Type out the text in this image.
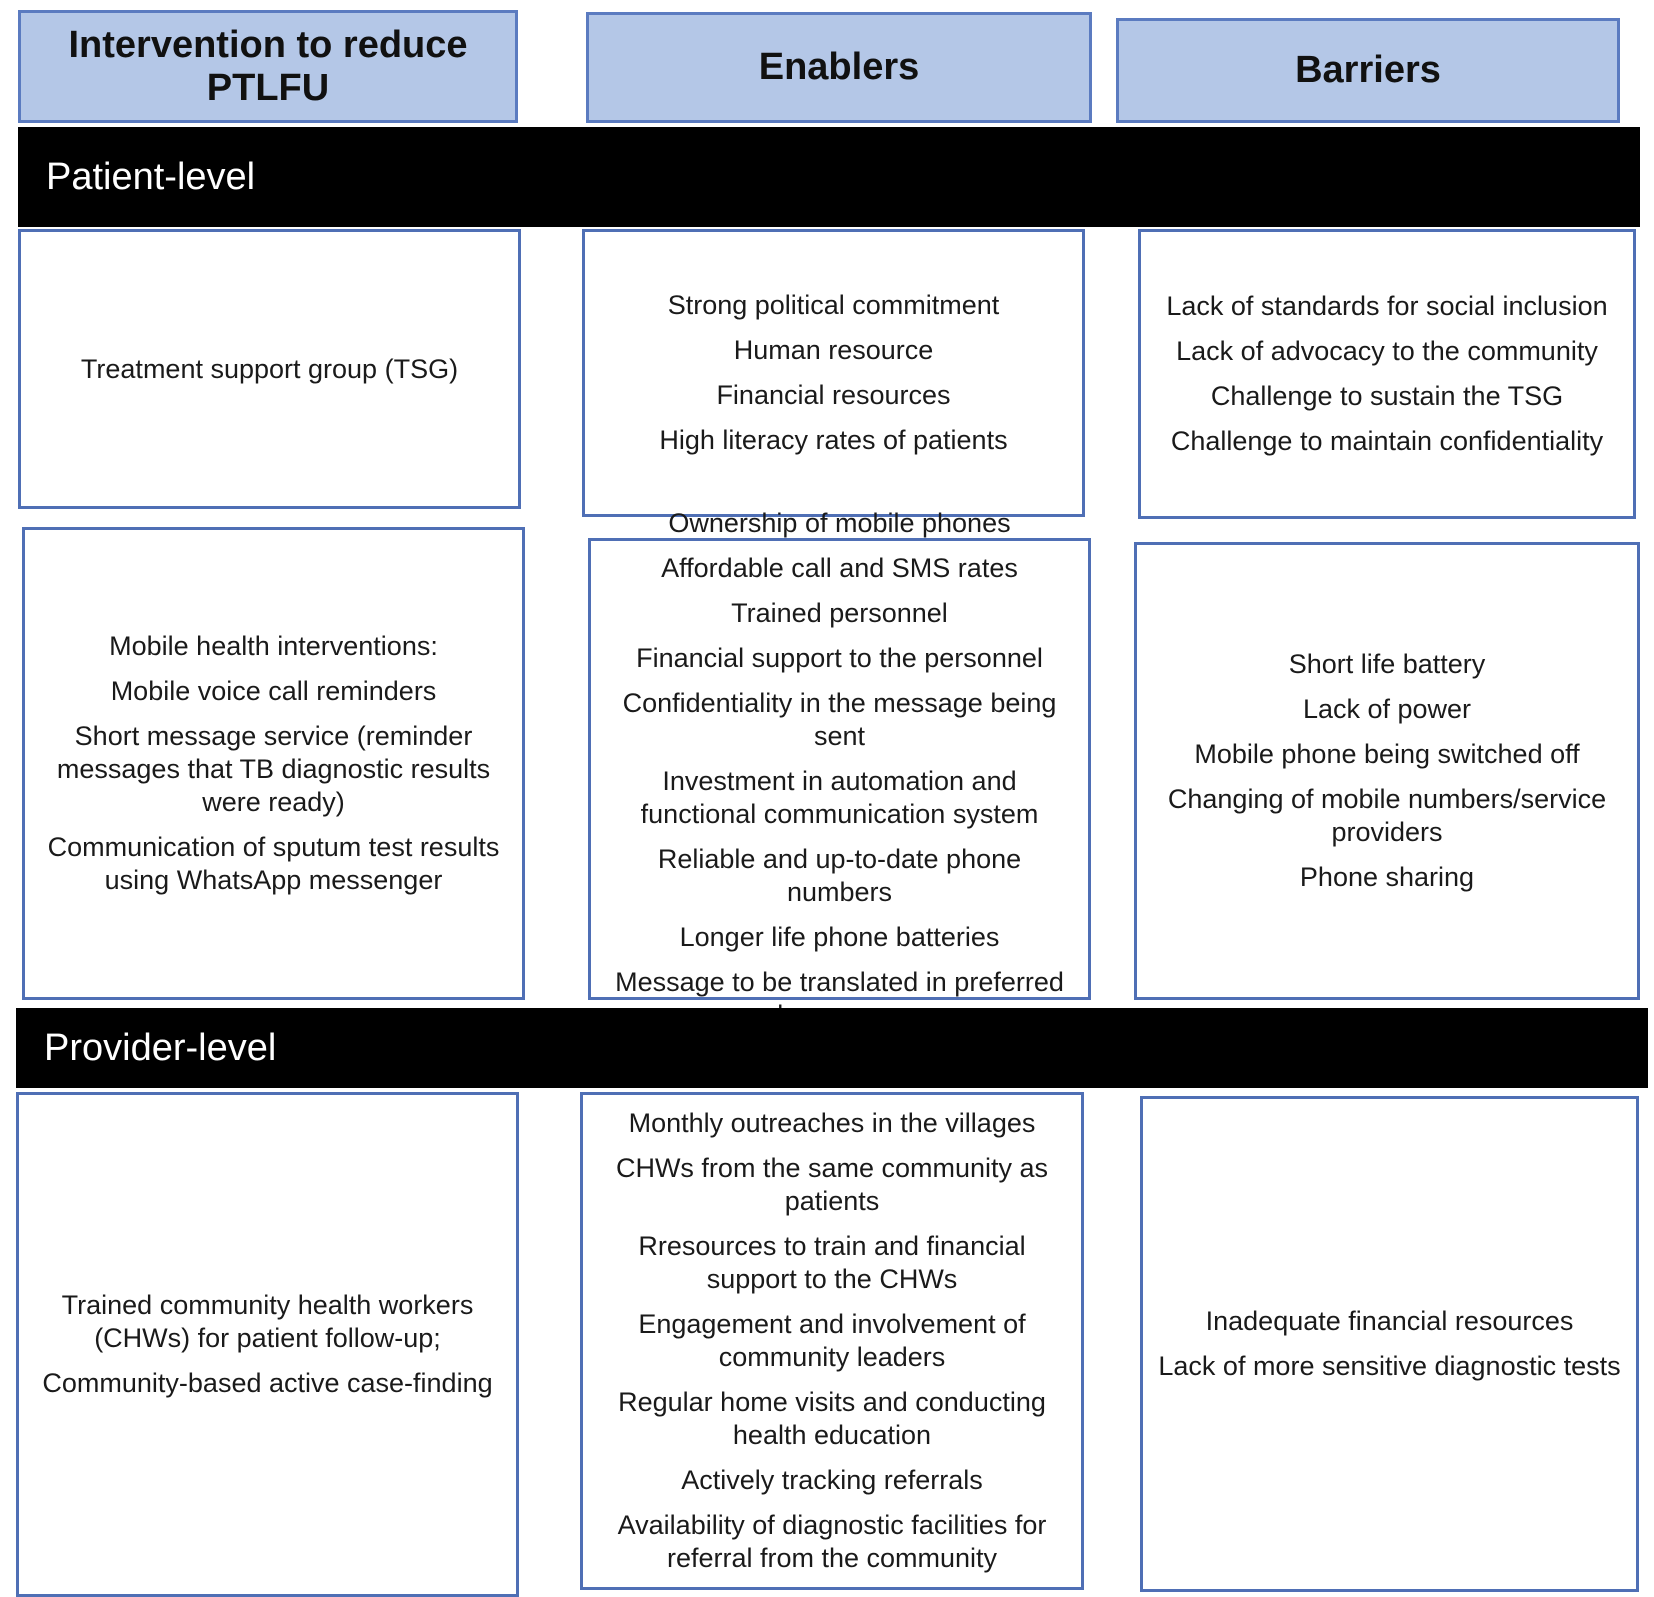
Intervention to reduce PTLFU	Enablers	Barriers
Patient-level
Treatment support group (TSG)
Strong political commitment
Human resource
Financial resources
High literacy rates of patients
Lack of standards for social inclusion
Lack of advocacy to the community
Challenge to sustain the TSG
Challenge to maintain confidentiality
Mobile health interventions:
Mobile voice call reminders
Short message service (reminder messages that TB diagnostic results were ready)
Communication of sputum test results using WhatsApp messenger
Ownership of mobile phones
Affordable call and SMS rates
Trained personnel
Financial support to the personnel
Confidentiality in the message being sent
Investment in automation and functional communication system
Reliable and up-to-date phone numbers
Longer life phone batteries
Message to be translated in preferred
Short life battery
Lack of power
Mobile phone being switched off
Changing of mobile numbers/service providers
Phone sharing
Provider-level
Trained community health workers (CHWs) for patient follow-up;
Community-based active case-finding
Monthly outreaches in the villages
CHWs from the same community as patients
Rresources to train and financial support to the CHWs
Engagement and involvement of community leaders
Regular home visits and conducting health education
Actively tracking referrals
Availability of diagnostic facilities for referral from the community
Inadequate financial resources
Lack of more sensitive diagnostic tests
